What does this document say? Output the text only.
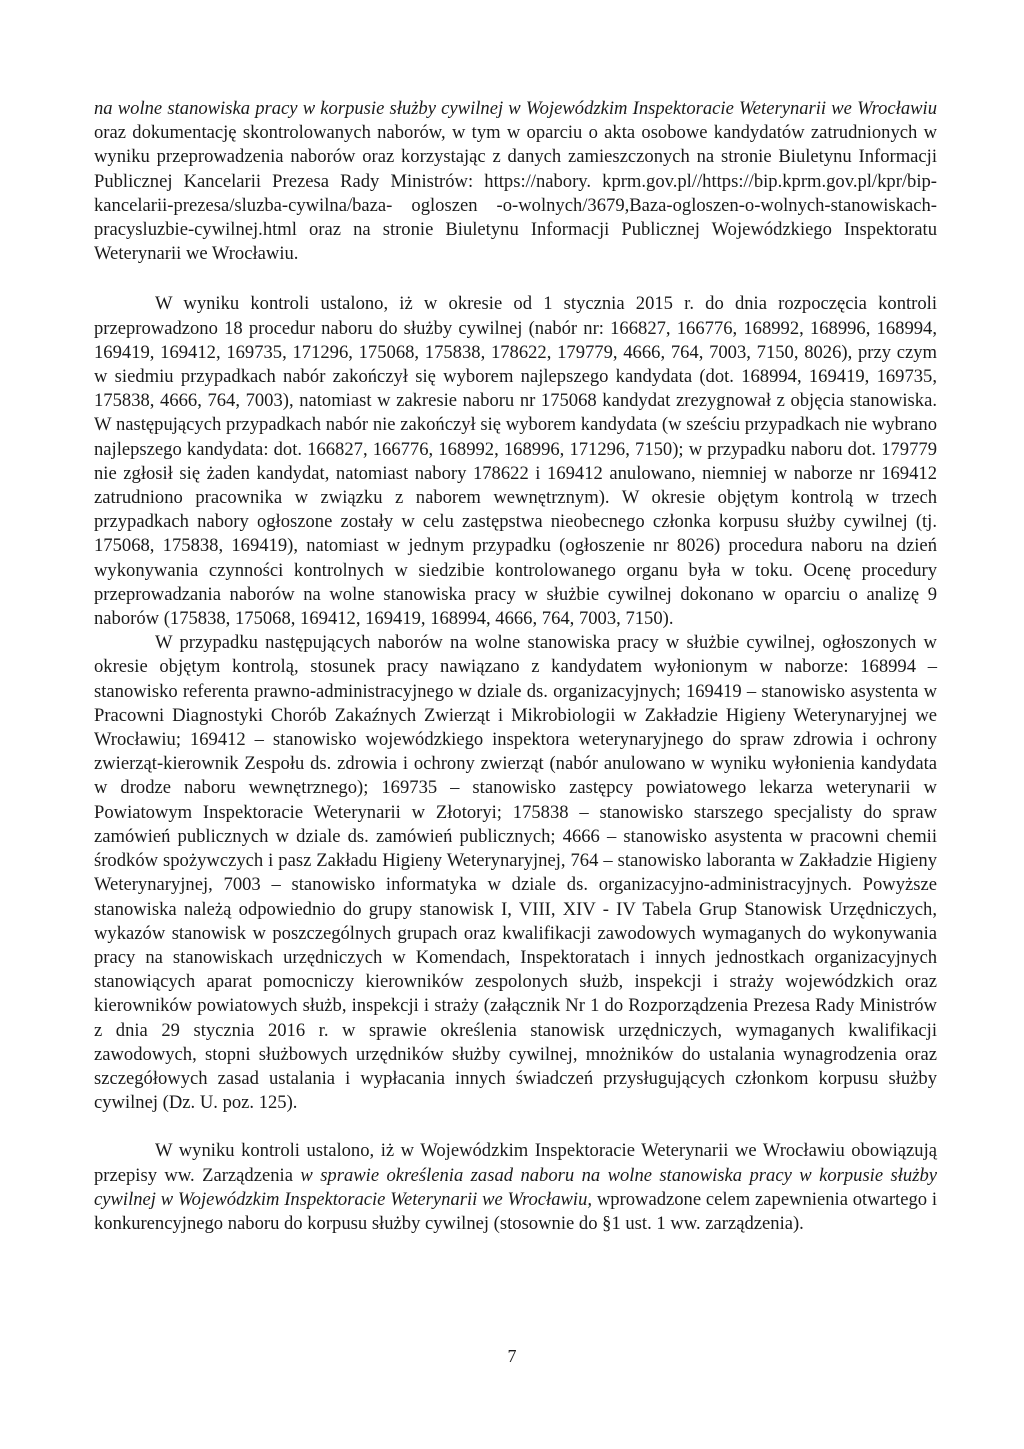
na wolne stanowiska pracy w korpusie służby cywilnej w Wojewódzkim Inspektoracie Weterynarii we Wrocławiu oraz dokumentację skontrolowanych naborów, w tym w oparciu o akta osobowe kandydatów zatrudnionych w wyniku przeprowadzenia naborów oraz korzystając z danych zamieszczonych na stronie Biuletynu Informacji Publicznej Kancelarii Prezesa Rady Ministrów: https://nabory. kprm.gov.pl//https://bip.kprm.gov.pl/kpr/bip-kancelarii-prezesa/sluzba-cywilna/baza- ogloszen -o-wolnych/3679,Baza-ogloszen-o-wolnych-stanowiskach-pracysluzbie-cywilnej.html oraz na stronie Biuletynu Informacji Publicznej Wojewódzkiego Inspektoratu Weterynarii we Wrocławiu.

W wyniku kontroli ustalono, iż w okresie od 1 stycznia 2015 r. do dnia rozpoczęcia kontroli przeprowadzono 18 procedur naboru do służby cywilnej (nabór nr: 166827, 166776, 168992, 168996, 168994, 169419, 169412, 169735, 171296, 175068, 175838, 178622, 179779, 4666, 764, 7003, 7150, 8026), przy czym w siedmiu przypadkach nabór zakończył się wyborem najlepszego kandydata (dot. 168994, 169419, 169735, 175838, 4666, 764, 7003), natomiast w zakresie naboru nr 175068 kandydat zrezygnował z objęcia stanowiska. W następujących przypadkach nabór nie zakończył się wyborem kandydata (w sześciu przypadkach nie wybrano najlepszego kandydata: dot. 166827, 166776, 168992, 168996, 171296, 7150); w przypadku naboru dot. 179779 nie zgłosił się żaden kandydat, natomiast nabory 178622 i 169412 anulowano, niemniej w naborze nr 169412 zatrudniono pracownika w związku z naborem wewnętrznym). W okresie objętym kontrolą w trzech przypadkach nabory ogłoszone zostały w celu zastępstwa nieobecnego członka korpusu służby cywilnej (tj. 175068, 175838, 169419), natomiast w jednym przypadku (ogłoszenie nr 8026) procedura naboru na dzień wykonywania czynności kontrolnych w siedzibie kontrolowanego organu była w toku. Ocenę procedury przeprowadzania naborów na wolne stanowiska pracy w służbie cywilnej dokonano w oparciu o analizę 9 naborów (175838, 175068, 169412, 169419, 168994, 4666, 764, 7003, 7150).

W przypadku następujących naborów na wolne stanowiska pracy w służbie cywilnej, ogłoszonych w okresie objętym kontrolą, stosunek pracy nawiązano z kandydatem wyłonionym w naborze: 168994 – stanowisko referenta prawno-administracyjnego w dziale ds. organizacyjnych; 169419 – stanowisko asystenta w Pracowni Diagnostyki Chorób Zakaźnych Zwierząt i Mikrobiologii w Zakładzie Higieny Weterynaryjnej we Wrocławiu; 169412 – stanowisko wojewódzkiego inspektora weterynaryjnego do spraw zdrowia i ochrony zwierząt-kierownik Zespołu ds. zdrowia i ochrony zwierząt (nabór anulowano w wyniku wyłonienia kandydata w drodze naboru wewnętrznego); 169735 – stanowisko zastępcy powiatowego lekarza weterynarii w Powiatowym Inspektoracie Weterynarii w Złotoryi; 175838 – stanowisko starszego specjalisty do spraw zamówień publicznych w dziale ds. zamówień publicznych; 4666 – stanowisko asystenta w pracowni chemii środków spożywczych i pasz Zakładu Higieny Weterynaryjnej, 764 – stanowisko laboranta w Zakładzie Higieny Weterynaryjnej, 7003 – stanowisko informatyka w dziale ds. organizacyjno-administracyjnych. Powyższe stanowiska należą odpowiednio do grupy stanowisk I, VIII, XIV - IV Tabela Grup Stanowisk Urzędniczych, wykazów stanowisk w poszczególnych grupach oraz kwalifikacji zawodowych wymaganych do wykonywania pracy na stanowiskach urzędniczych w Komendach, Inspektoratach i innych jednostkach organizacyjnych stanowiących aparat pomocniczy kierowników zespolonych służb, inspekcji i straży wojewódzkich oraz kierowników powiatowych służb, inspekcji i straży (załącznik Nr 1 do Rozporządzenia Prezesa Rady Ministrów z dnia 29 stycznia 2016 r. w sprawie określenia stanowisk urzędniczych, wymaganych kwalifikacji zawodowych, stopni służbowych urzędników służby cywilnej, mnożników do ustalania wynagrodzenia oraz szczegółowych zasad ustalania i wypłacania innych świadczeń przysługujących członkom korpusu służby cywilnej (Dz. U. poz. 125).

W wyniku kontroli ustalono, iż w Wojewódzkim Inspektoracie Weterynarii we Wrocławiu obowiązują przepisy ww. Zarządzenia w sprawie określenia zasad naboru na wolne stanowiska pracy w korpusie służby cywilnej w Wojewódzkim Inspektoracie Weterynarii we Wrocławiu, wprowadzone celem zapewnienia otwartego i konkurencyjnego naboru do korpusu służby cywilnej (stosownie do §1 ust. 1 ww. zarządzenia).

7
